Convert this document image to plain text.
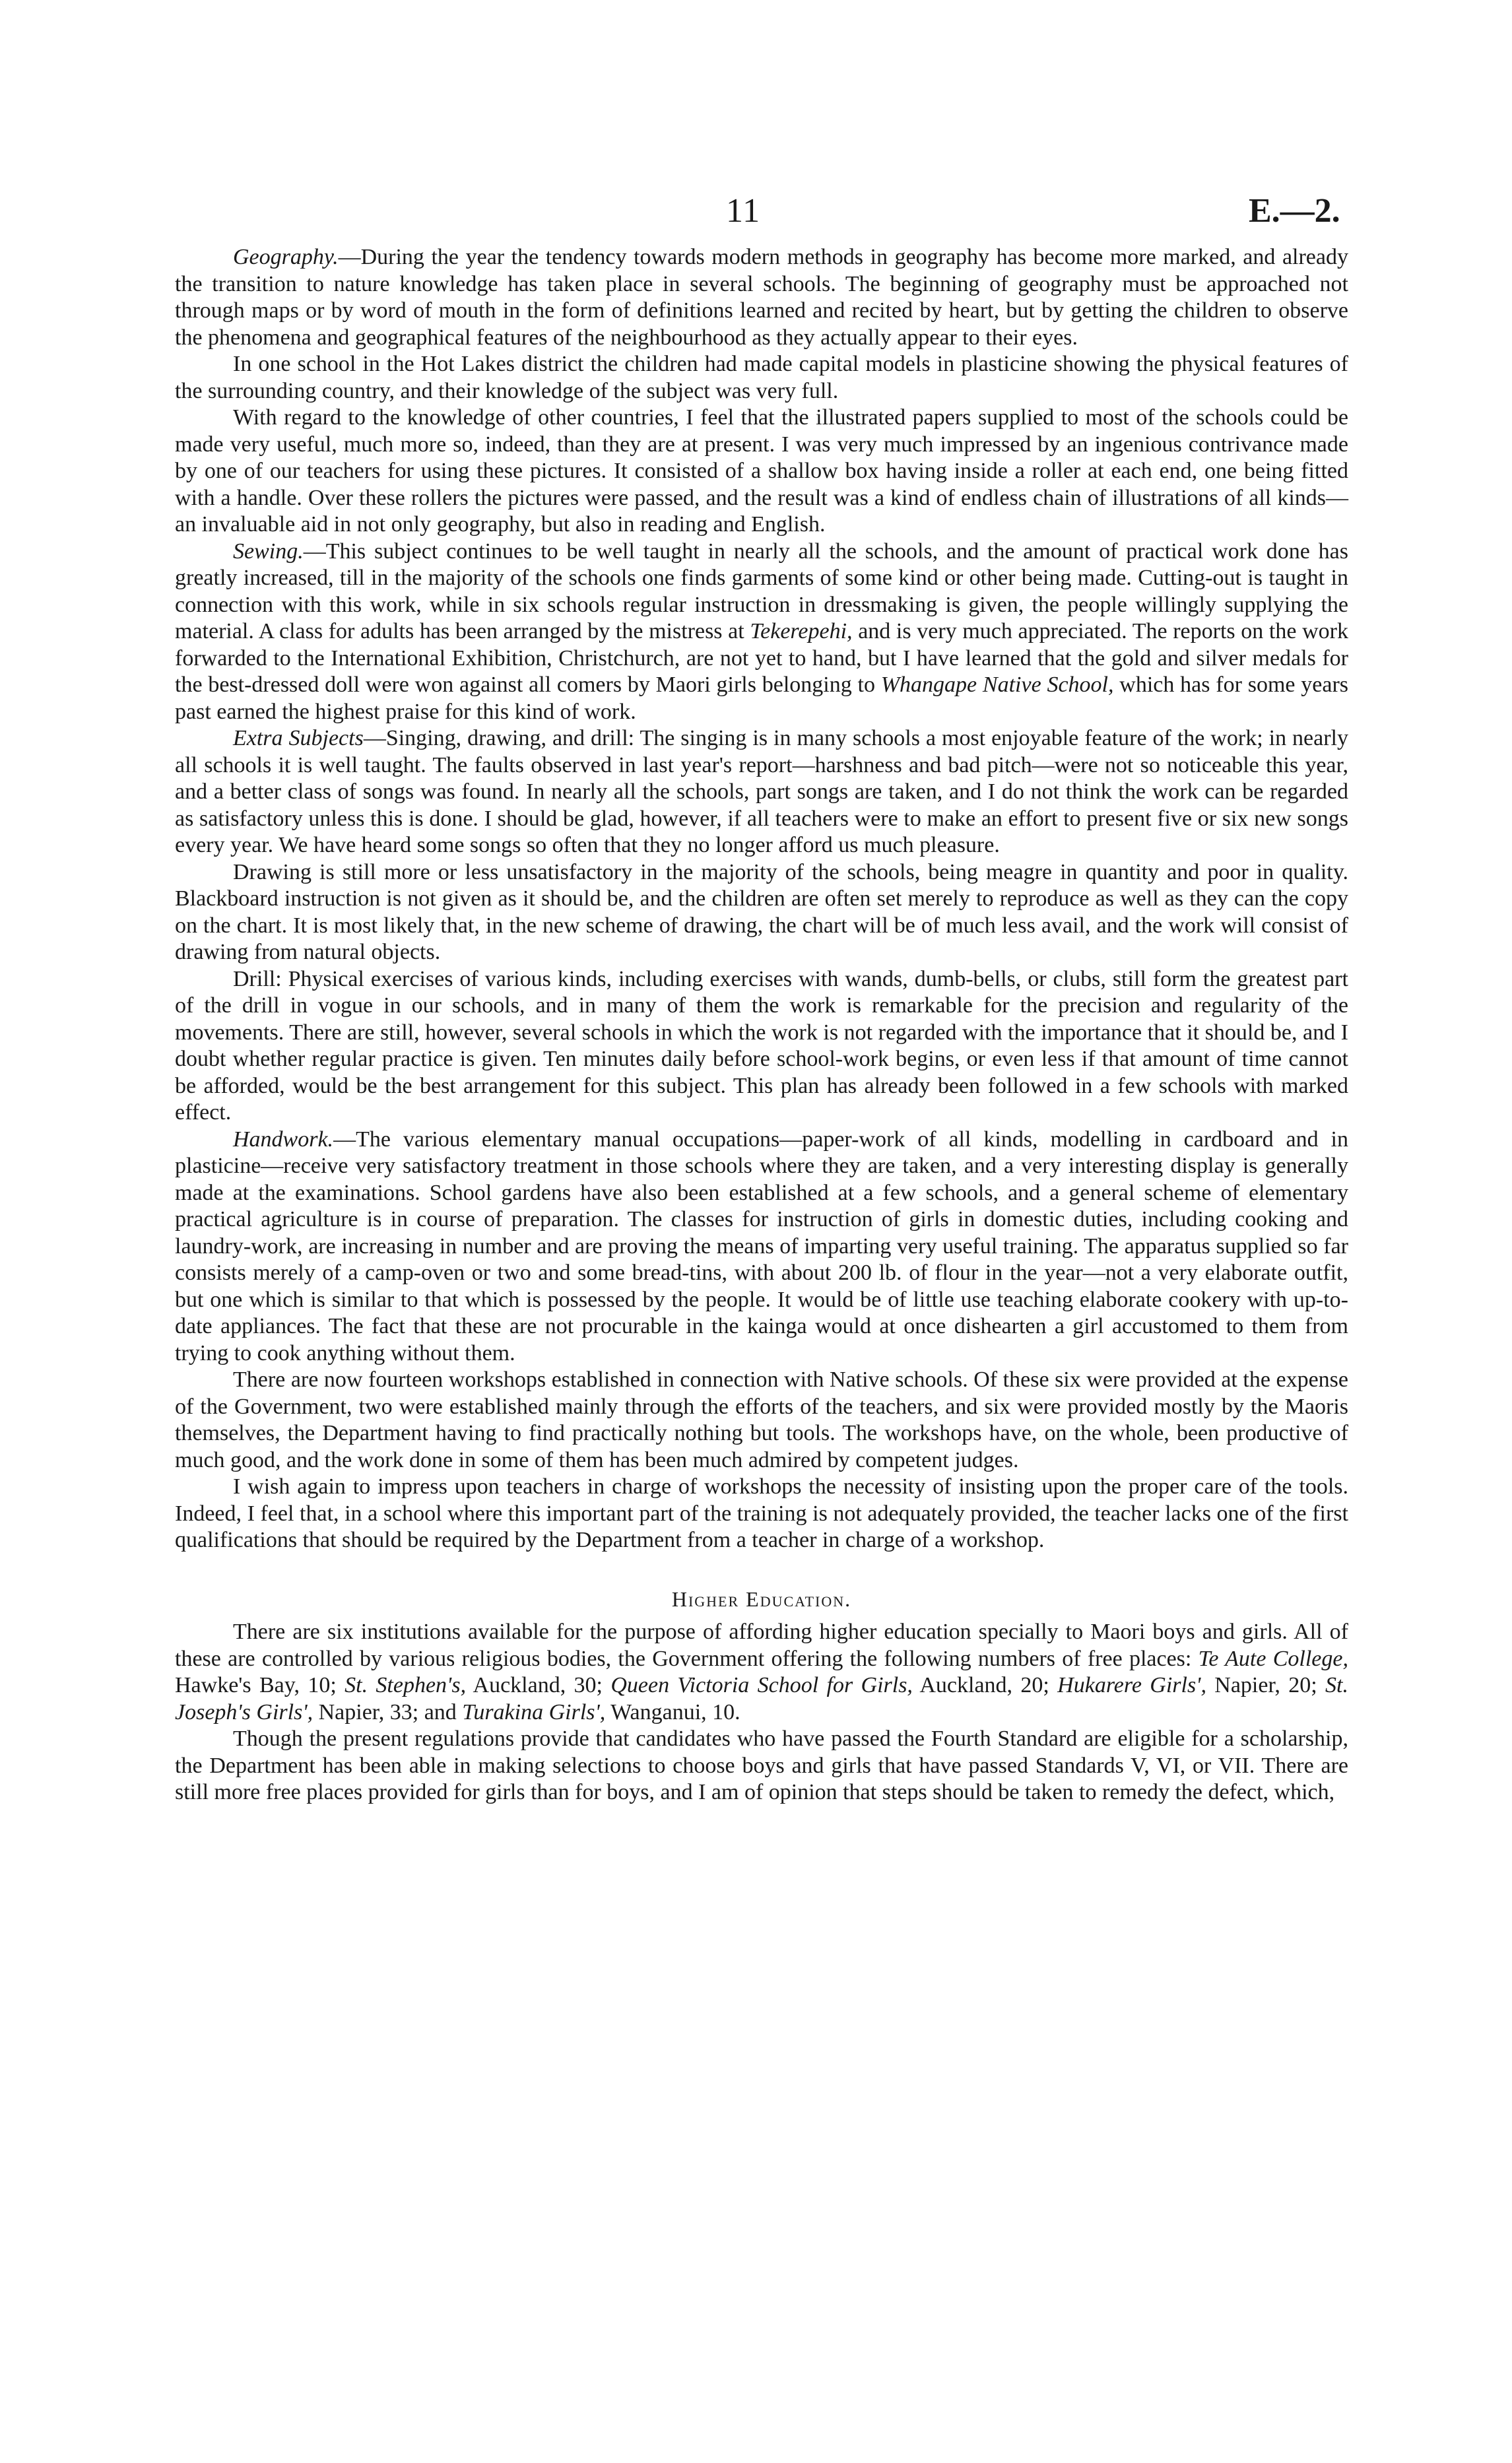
11	E.—2.

Geography.—During the year the tendency towards modern methods in geography has become more marked, and already the transition to nature knowledge has taken place in several schools. The beginning of geography must be approached not through maps or by word of mouth in the form of definitions learned and recited by heart, but by getting the children to observe the phenomena and geographical features of the neighbourhood as they actually appear to their eyes.

In one school in the Hot Lakes district the children had made capital models in plasticine showing the physical features of the surrounding country, and their knowledge of the subject was very full.

With regard to the knowledge of other countries, I feel that the illustrated papers supplied to most of the schools could be made very useful, much more so, indeed, than they are at present. I was very much impressed by an ingenious contrivance made by one of our teachers for using these pictures. It consisted of a shallow box having inside a roller at each end, one being fitted with a handle. Over these rollers the pictures were passed, and the result was a kind of endless chain of illustrations of all kinds—an invaluable aid in not only geography, but also in reading and English.

Sewing.—This subject continues to be well taught in nearly all the schools, and the amount of practical work done has greatly increased, till in the majority of the schools one finds garments of some kind or other being made. Cutting-out is taught in connection with this work, while in six schools regular instruction in dressmaking is given, the people willingly supplying the material. A class for adults has been arranged by the mistress at Tekerepehi, and is very much appreciated. The reports on the work forwarded to the International Exhibition, Christchurch, are not yet to hand, but I have learned that the gold and silver medals for the best-dressed doll were won against all comers by Maori girls belonging to Whangape Native School, which has for some years past earned the highest praise for this kind of work.

Extra Subjects—Singing, drawing, and drill: The singing is in many schools a most enjoyable feature of the work; in nearly all schools it is well taught. The faults observed in last year's report—harshness and bad pitch—were not so noticeable this year, and a better class of songs was found. In nearly all the schools, part songs are taken, and I do not think the work can be regarded as satisfactory unless this is done. I should be glad, however, if all teachers were to make an effort to present five or six new songs every year. We have heard some songs so often that they no longer afford us much pleasure.

Drawing is still more or less unsatisfactory in the majority of the schools, being meagre in quantity and poor in quality. Blackboard instruction is not given as it should be, and the children are often set merely to reproduce as well as they can the copy on the chart. It is most likely that, in the new scheme of drawing, the chart will be of much less avail, and the work will consist of drawing from natural objects.

Drill: Physical exercises of various kinds, including exercises with wands, dumb-bells, or clubs, still form the greatest part of the drill in vogue in our schools, and in many of them the work is remarkable for the precision and regularity of the movements. There are still, however, several schools in which the work is not regarded with the importance that it should be, and I doubt whether regular practice is given. Ten minutes daily before school-work begins, or even less if that amount of time cannot be afforded, would be the best arrangement for this subject. This plan has already been followed in a few schools with marked effect.

Handwork.—The various elementary manual occupations—paper-work of all kinds, modelling in cardboard and in plasticine—receive very satisfactory treatment in those schools where they are taken, and a very interesting display is generally made at the examinations. School gardens have also been established at a few schools, and a general scheme of elementary practical agriculture is in course of preparation. The classes for instruction of girls in domestic duties, including cooking and laundry-work, are increasing in number and are proving the means of imparting very useful training. The apparatus supplied so far consists merely of a camp-oven or two and some bread-tins, with about 200 lb. of flour in the year—not a very elaborate outfit, but one which is similar to that which is possessed by the people. It would be of little use teaching elaborate cookery with up-to-date appliances. The fact that these are not procurable in the kainga would at once dishearten a girl accustomed to them from trying to cook anything without them.

There are now fourteen workshops established in connection with Native schools. Of these six were provided at the expense of the Government, two were established mainly through the efforts of the teachers, and six were provided mostly by the Maoris themselves, the Department having to find practically nothing but tools. The workshops have, on the whole, been productive of much good, and the work done in some of them has been much admired by competent judges.

I wish again to impress upon teachers in charge of workshops the necessity of insisting upon the proper care of the tools. Indeed, I feel that, in a school where this important part of the training is not adequately provided, the teacher lacks one of the first qualifications that should be required by the Department from a teacher in charge of a workshop.

Higher Education.

There are six institutions available for the purpose of affording higher education specially to Maori boys and girls. All of these are controlled by various religious bodies, the Government offering the following numbers of free places: Te Aute College, Hawke's Bay, 10; St. Stephen's, Auckland, 30; Queen Victoria School for Girls, Auckland, 20; Hukarere Girls', Napier, 20; St. Joseph's Girls', Napier, 33; and Turakina Girls', Wanganui, 10.

Though the present regulations provide that candidates who have passed the Fourth Standard are eligible for a scholarship, the Department has been able in making selections to choose boys and girls that have passed Standards V, VI, or VII. There are still more free places provided for girls than for boys, and I am of opinion that steps should be taken to remedy the defect, which,
